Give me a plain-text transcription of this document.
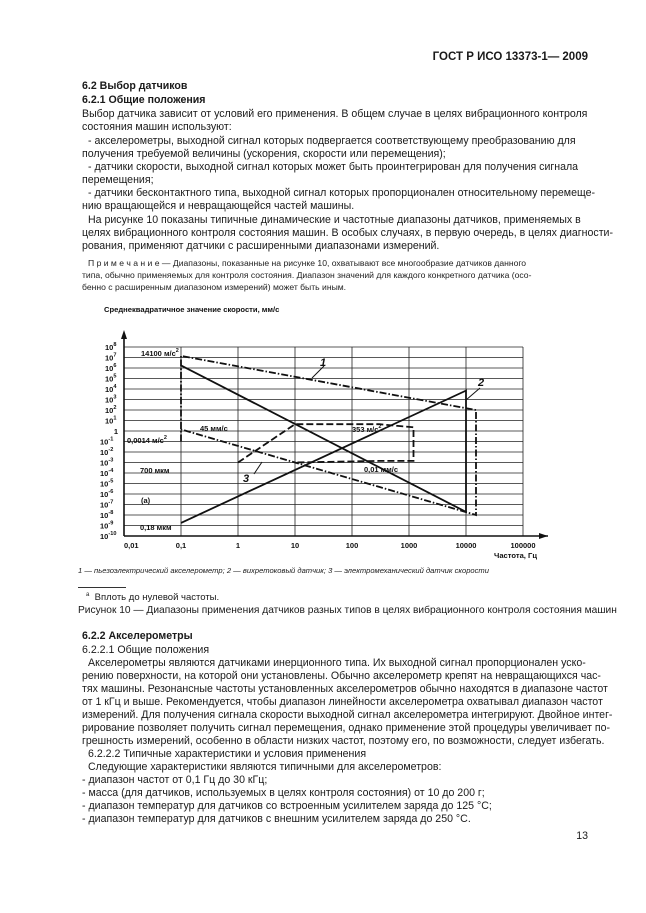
ГОСТ Р ИСО 13373-1— 2009
6.2 Выбор датчиков
6.2.1 Общие положения
Выбор датчика зависит от условий его применения. В общем случае в целях вибрационного контроля
состояния машин используют:
- акселерометры, выходной сигнал которых подвергается соответствующему преобразованию для
получения требуемой величины (ускорения, скорости или перемещения);
- датчики скорости, выходной сигнал которых может быть проинтегрирован для получения сигнала
перемещения;
- датчики бесконтактного типа, выходной сигнал которых пропорционален относительному перемеще-
нию вращающейся и невращающейся частей машины.
На рисунке 10 показаны типичные динамические и частотные диапазоны датчиков, применяемых в
целях вибрационного контроля состояния машин. В особых случаях, в первую очередь, в целях диагности-
рования, применяют датчики с расширенными диапазонами измерений.
П р и м е ч а н и е — Диапазоны, показанные на рисунке 10, охватывают все многообразие датчиков данного
типа, обычно применяемых для контроля состояния. Диапазон значений для каждого конкретного датчика (осо-
бенно с расширенным диапазоном измерений) может быть иным.
Среднеквадратичное значение скорости, мм/с
$10^8$
$10^7$
$10^6$
$10^5$
$10^4$
$10^3$
$10^2$
$10^1$
1
$10^{-1}$
$10^{-2}$
$10^{-3}$
$10^{-4}$
$10^{-5}$
$10^{-6}$
$10^{-7}$
$10^{-8}$
$10^{-9}$
$10^{-10}$
0,01	0,1	1	10	100	1000	10000	100000
Частота, Гц
1
2
3
14100 $м/с^2$
45 мм/с	353 $м/с^2$
0,0014 $м/с^2$
700 мкм	0,01 мм/с
(a)
0,18 мкм
1 — пьезоэлектрический акселерометр; 2 — вихретоковый датчик; 3 — электромеханический датчик скорости
$^a$ Вплоть до нулевой частоты.
Рисунок 10 — Диапазоны применения датчиков разных типов в целях вибрационного контроля состояния машин
6.2.2 Акселерометры
6.2.2.1 Общие положения
Акселерометры являются датчиками инерционного типа. Их выходной сигнал пропорционален уско-
рению поверхности, на которой они установлены. Обычно акселерометр крепят на невращающихся час-
тях машины. Резонансные частоты установленных акселерометров обычно находятся в диапазоне частот
от 1 кГц и выше. Рекомендуется, чтобы диапазон линейности акселерометра охватывал диапазон частот
измерений. Для получения сигнала скорости выходной сигнал акселерометра интегрируют. Двойное интег-
рирование позволяет получить сигнал перемещения, однако применение этой процедуры увеличивает по-
грешность измерений, особенно в области низких частот, поэтому его, по возможности, следует избегать.
6.2.2.2 Типичные характеристики и условия применения
Следующие характеристики являются типичными для акселерометров:
- диапазон частот от 0,1 Гц до 30 кГц;
- масса (для датчиков, используемых в целях контроля состояния) от 10 до 200 г;
- диапазон температур для датчиков со встроенным усилителем заряда до 125 °С;
- диапазон температур для датчиков с внешним усилителем заряда до 250 °С.
13
